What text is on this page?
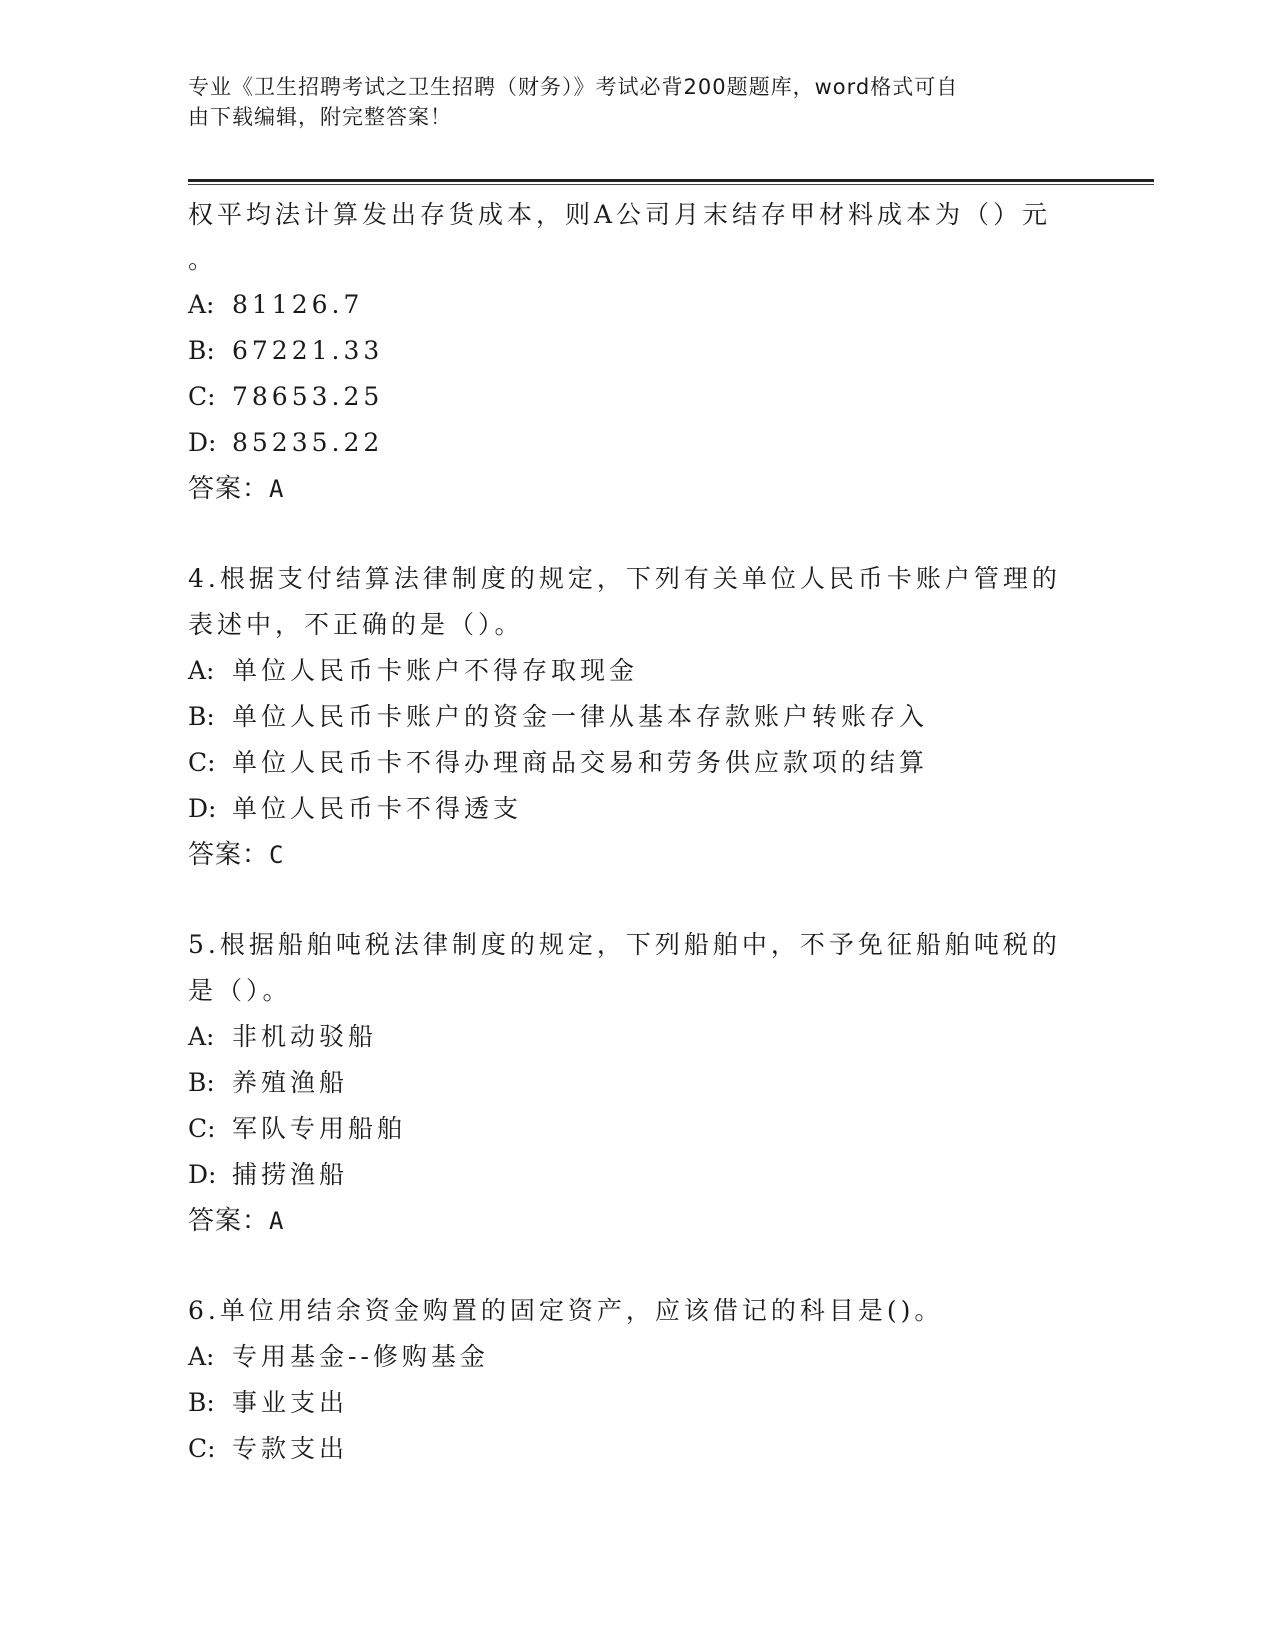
专业《卫生招聘考试之卫生招聘（财务）》考试必背200题题库，word格式可自
由下载编辑，附完整答案！
权平均法计算发出存货成本，则A公司月末结存甲材料成本为（）元
。
A: 81126.7
B: 67221.33
C: 78653.25
D: 85235.22
答案：A
4.根据支付结算法律制度的规定，下列有关单位人民币卡账户管理的
表述中，不正确的是（）。
A: 单位人民币卡账户不得存取现金
B: 单位人民币卡账户的资金一律从基本存款账户转账存入
C: 单位人民币卡不得办理商品交易和劳务供应款项的结算
D: 单位人民币卡不得透支
答案：C
5.根据船舶吨税法律制度的规定，下列船舶中，不予免征船舶吨税的
是（）。
A: 非机动驳船
B: 养殖渔船
C: 军队专用船舶
D: 捕捞渔船
答案：A
6.单位用结余资金购置的固定资产，应该借记的科目是()。
A: 专用基金--修购基金
B: 事业支出
C: 专款支出
